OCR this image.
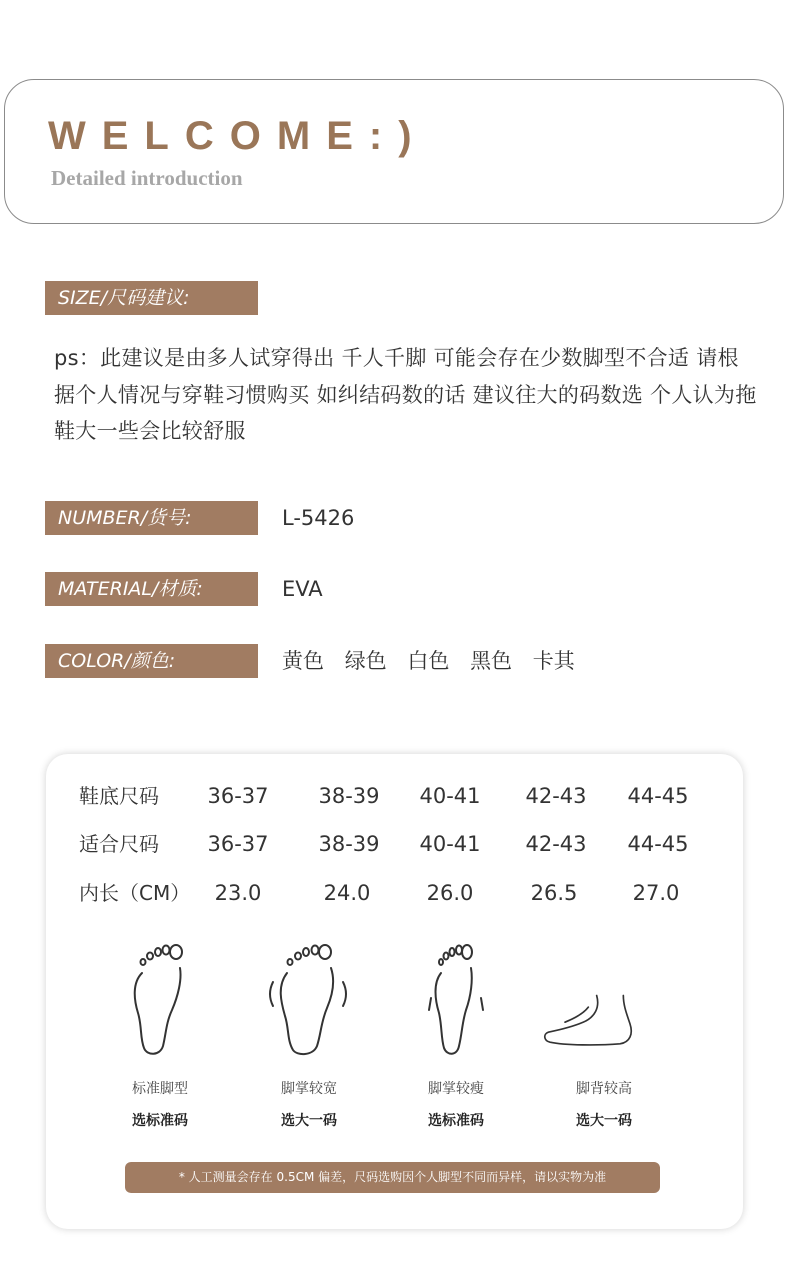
WELCOME:)
Detailed introduction
SIZE/尺码建议:
ps：此建议是由多人试穿得出 千人千脚 可能会存在少数脚型不合适 请根据个人情况与穿鞋习惯购买 如纠结码数的话 建议往大的码数选 个人认为拖鞋大一些会比较舒服
NUMBER/货号:	L-5426
MATERIAL/材质:	EVA
COLOR/颜色:	黄色 绿色 白色 黑色 卡其
鞋底尺码	36-37	38-39	40-41	42-43	44-45
适合尺码	36-37	38-39	40-41	42-43	44-45
内长（CM）	23.0	24.0	26.0	26.5	27.0
标准脚型	脚掌较宽	脚掌较瘦	脚背较高
选标准码	选大一码	选标准码	选大一码
* 人工测量会存在 0.5CM 偏差，尺码选购因个人脚型不同而异样，请以实物为准
